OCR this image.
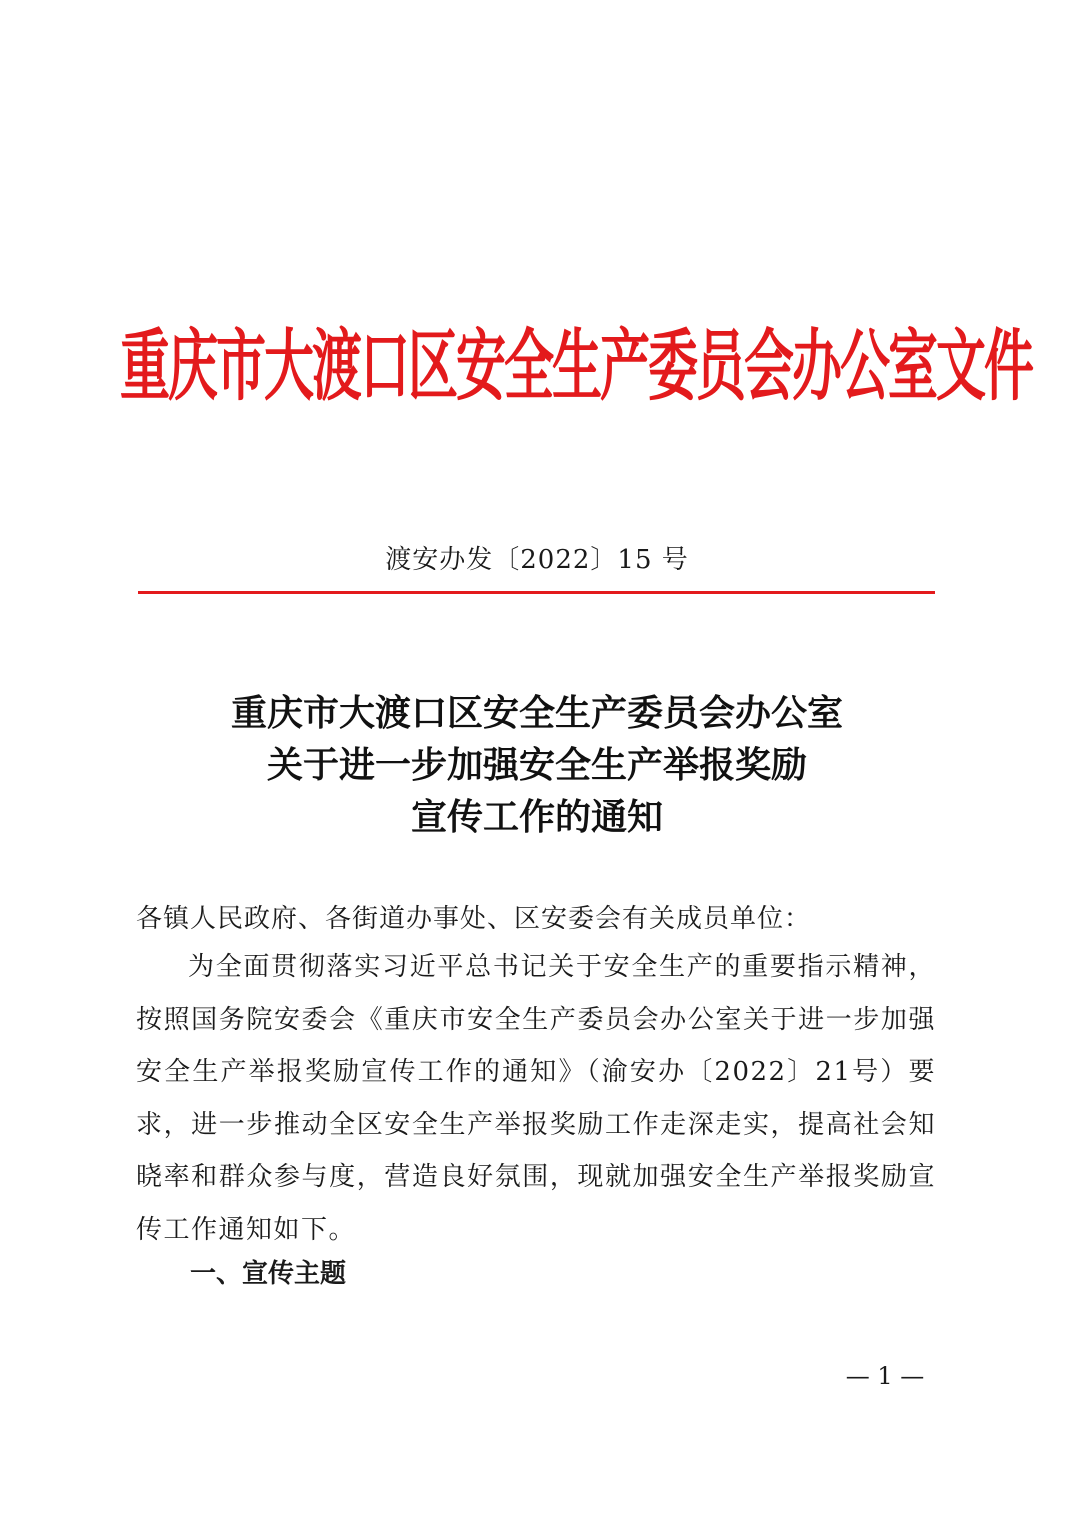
重庆市大渡口区安全生产委员会办公室文件
渡安办发〔2022〕15 号
重庆市大渡口区安全生产委员会办公室
关于进一步加强安全生产举报奖励
宣传工作的通知
各镇人民政府、各街道办事处、区安委会有关成员单位：
为全面贯彻落实习近平总书记关于安全生产的重要指示精神，按照国务院安委会《重庆市安全生产委员会办公室关于进一步加强安全生产举报奖励宣传工作的通知》（渝安办〔2022〕21号）要求，进一步推动全区安全生产举报奖励工作走深走实，提高社会知晓率和群众参与度，营造良好氛围，现就加强安全生产举报奖励宣传工作通知如下。
一、宣传主题
— 1 —
